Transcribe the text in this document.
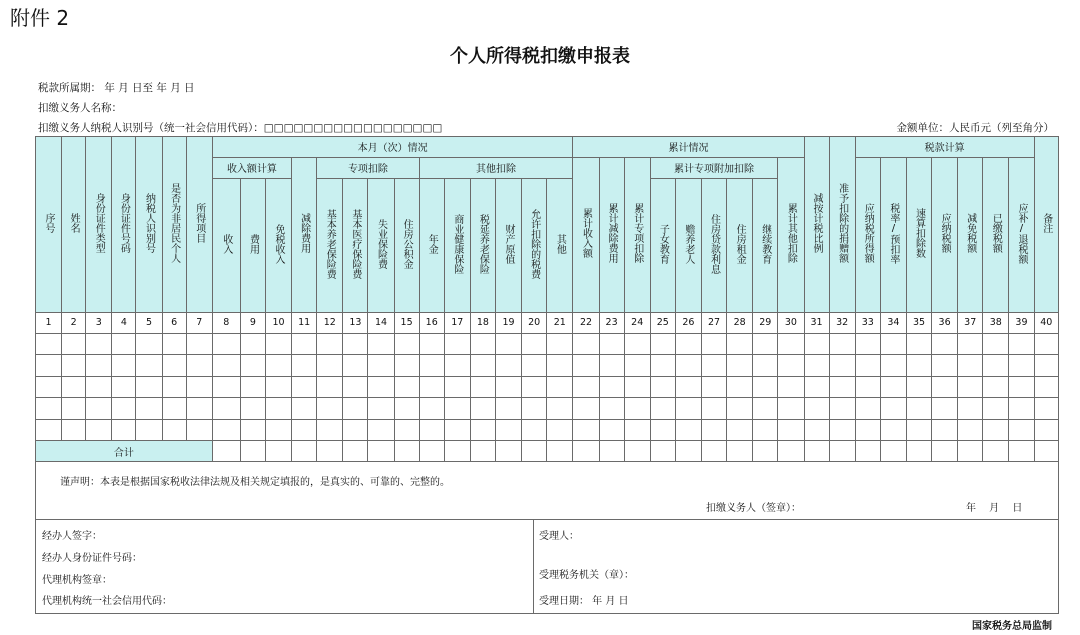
附件 2
个人所得税扣缴申报表
税款所属期： 年 月 日至 年 月 日
扣缴义务人名称：
扣缴义务人纳税人识别号（统一社会信用代码）：□□□□□□□□□□□□□□□□□□	金额单位：人民币元（列至角分）
序号	姓名	身份证件类型	身份证件号码	纳税人识别号	是否为非居民个人	所得项目	本月（次）情况														累计情况									减按计税比例	准予扣除的捐赠额	税款计算							备注
							收入额计算			减除费用	专项扣除				其他扣除						累计收入额	累计减除费用	累计专项扣除	累计专项附加扣除					累计其他扣除			应纳税所得额	税率/预扣率	速算扣除数	应纳税额	减免税额	已缴税额	应补/退税额	
							收入	费用	免税收入		基本养老保险费	基本医疗保险费	失业保险费	住房公积金	年金	商业健康保险	税延养老保险	财产原值	允许扣除的税费	其他				子女教育	赡养老人	住房贷款利息	住房租金	继续教育											
1	2	3	4	5	6	7	8	9	10	11	12	13	14	15	16	17	18	19	20	21	22	23	24	25	26	27	28	29	30	31	32	33	34	35	36	37	38	39	40

合计																																							
谨声明：本表是根据国家税收法律法规及相关规定填报的，是真实的、可靠的、完整的。
扣缴义务人（签章）：	年 月 日
经办人签字：
经办人身份证件号码：
代理机构签章：
代理机构统一社会信用代码：
受理人：
受理税务机关（章）：
受理日期： 年 月 日
国家税务总局监制
